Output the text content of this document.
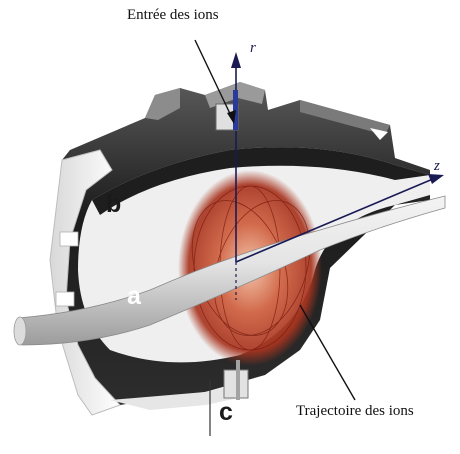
Entrée des ions
Trajectoire des ions
b
a
c
r
z
